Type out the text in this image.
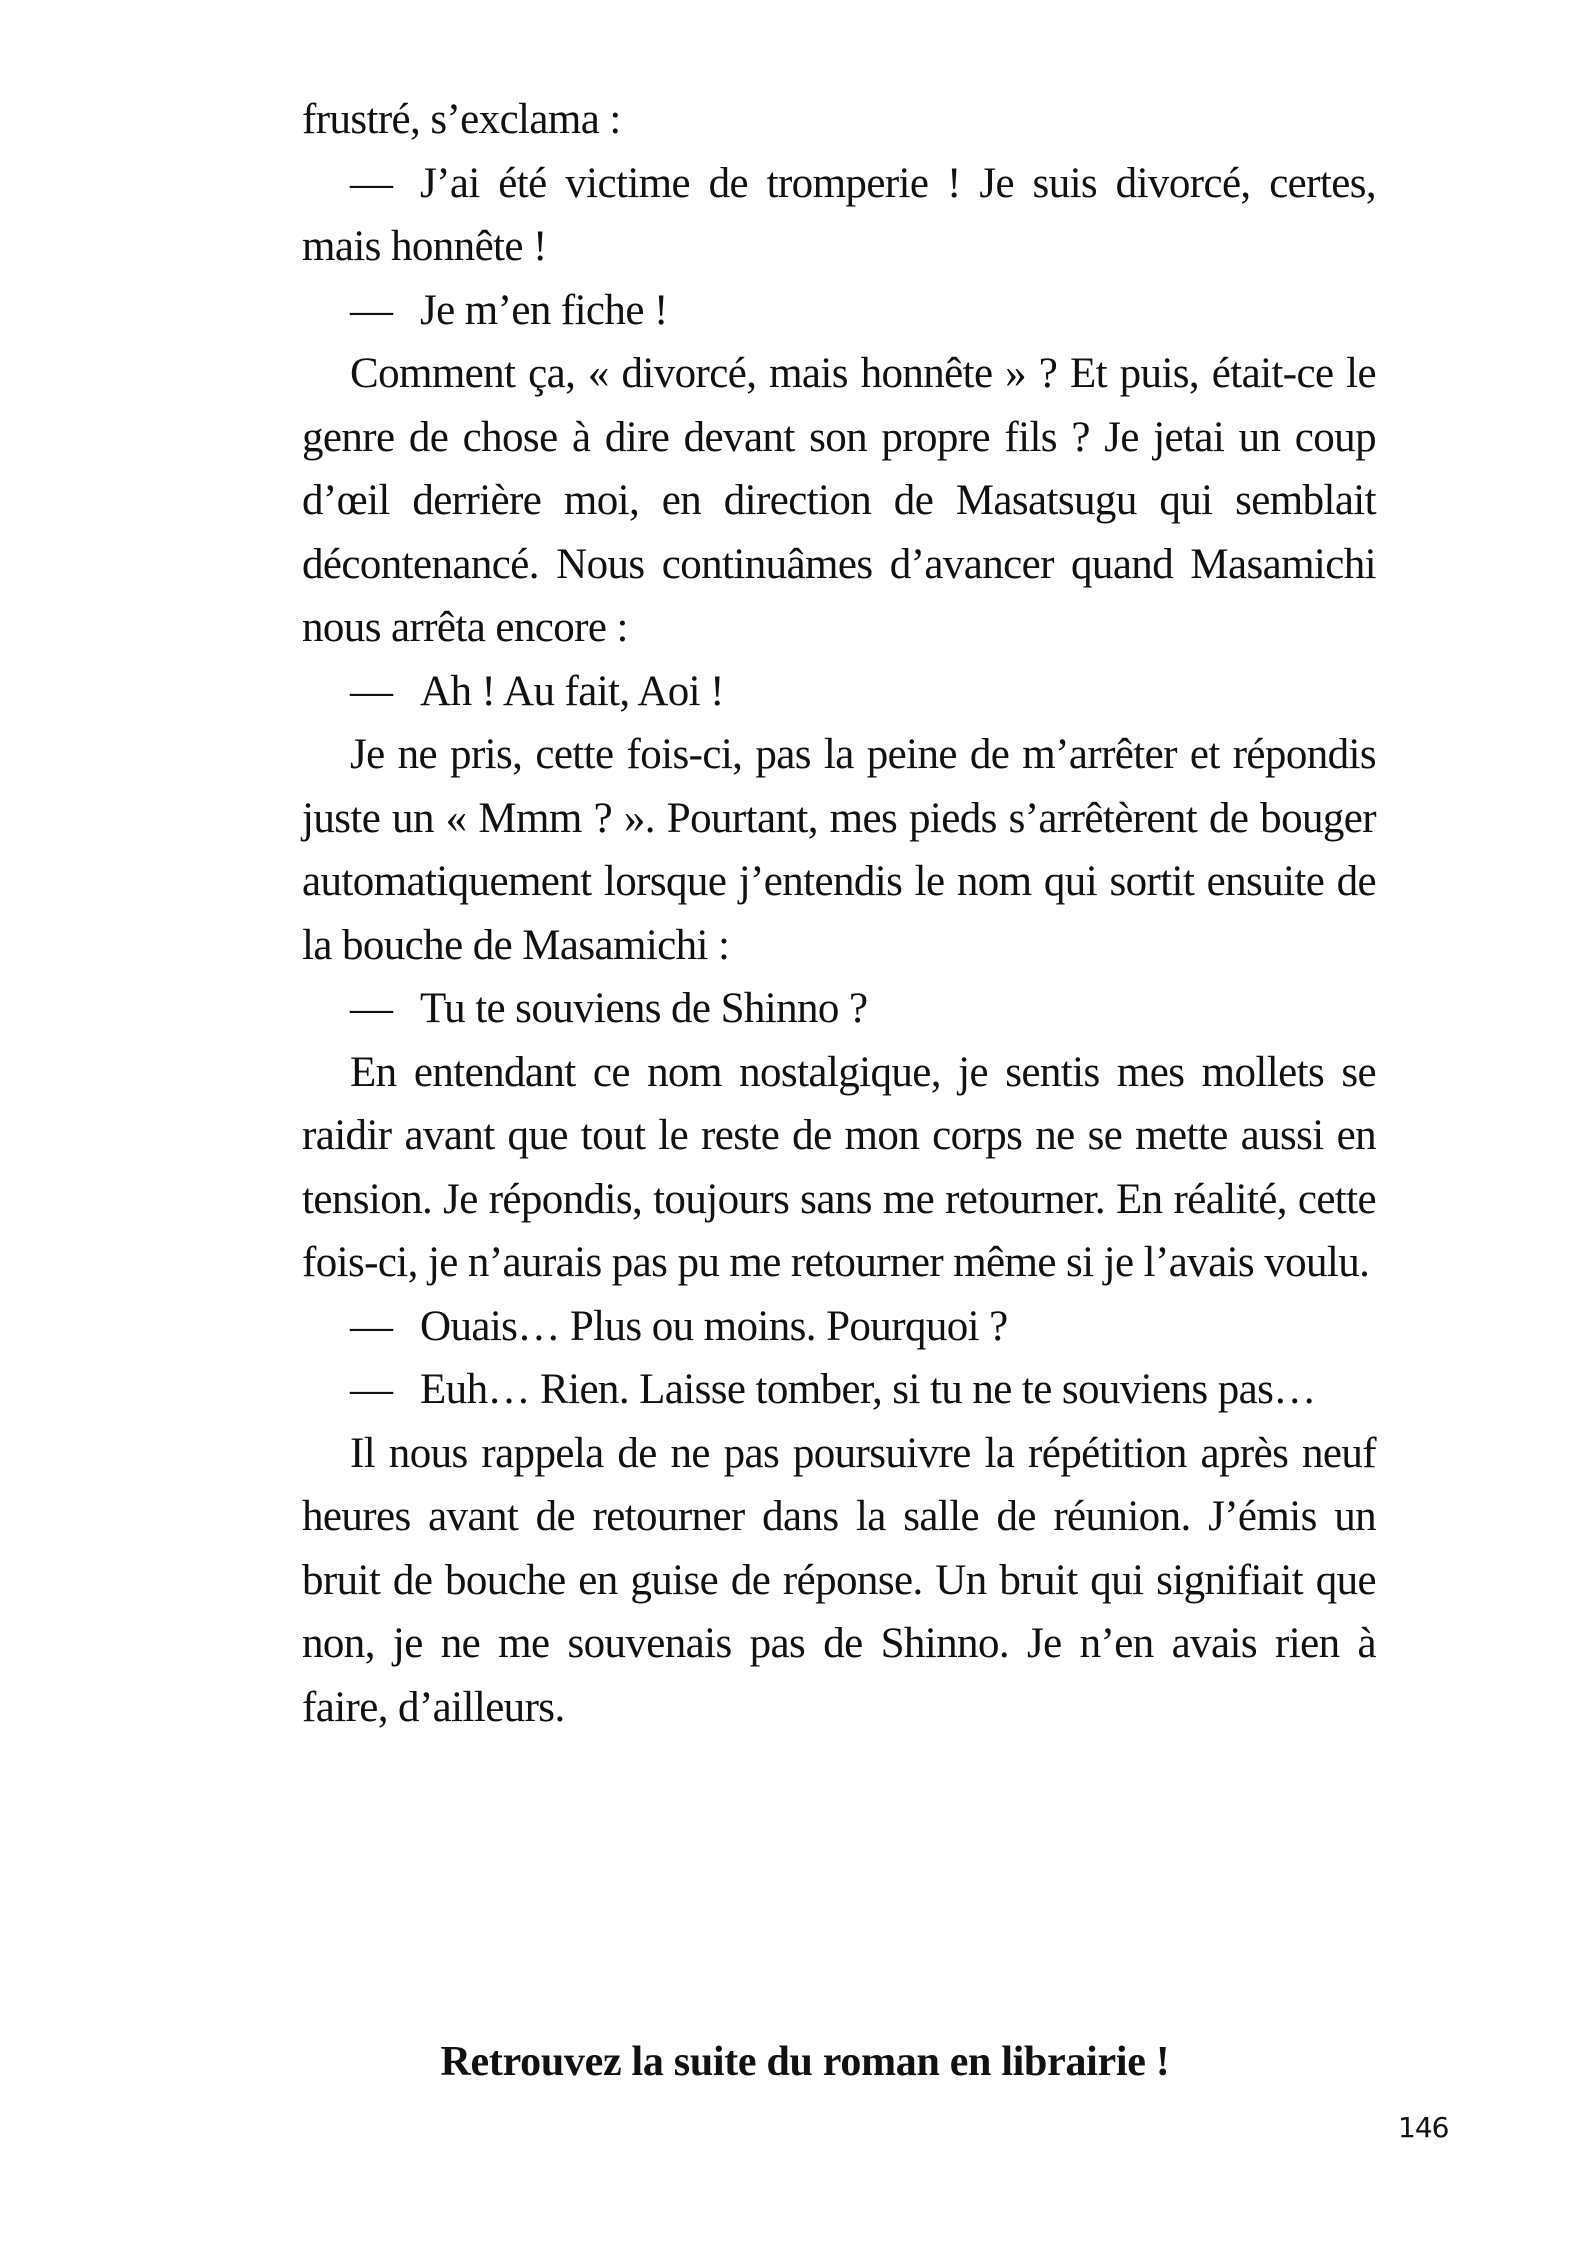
frustré, s’exclama :

— J’ai été victime de tromperie ! Je suis divorcé, certes, mais honnête !

— Je m’en fiche !

Comment ça, « divorcé, mais honnête » ? Et puis, était-ce le genre de chose à dire devant son propre fils ? Je jetai un coup d’œil derrière moi, en direction de Masatsugu qui semblait décontenancé. Nous continuâmes d’avancer quand Masamichi nous arrêta encore :

— Ah ! Au fait, Aoi !

Je ne pris, cette fois-ci, pas la peine de m’arrêter et répondis juste un « Mmm ? ». Pourtant, mes pieds s’arrêtèrent de bouger automatiquement lorsque j’entendis le nom qui sortit ensuite de la bouche de Masamichi :

— Tu te souviens de Shinno ?

En entendant ce nom nostalgique, je sentis mes mollets se raidir avant que tout le reste de mon corps ne se mette aussi en tension. Je répondis, toujours sans me retourner. En réalité, cette fois-ci, je n’aurais pas pu me retourner même si je l’avais voulu.

— Ouais… Plus ou moins. Pourquoi ?

— Euh… Rien. Laisse tomber, si tu ne te souviens pas…

Il nous rappela de ne pas poursuivre la répétition après neuf heures avant de retourner dans la salle de réunion. J’émis un bruit de bouche en guise de réponse. Un bruit qui signifiait que non, je ne me souvenais pas de Shinno. Je n’en avais rien à faire, d’ailleurs.

Retrouvez la suite du roman en librairie !
146
